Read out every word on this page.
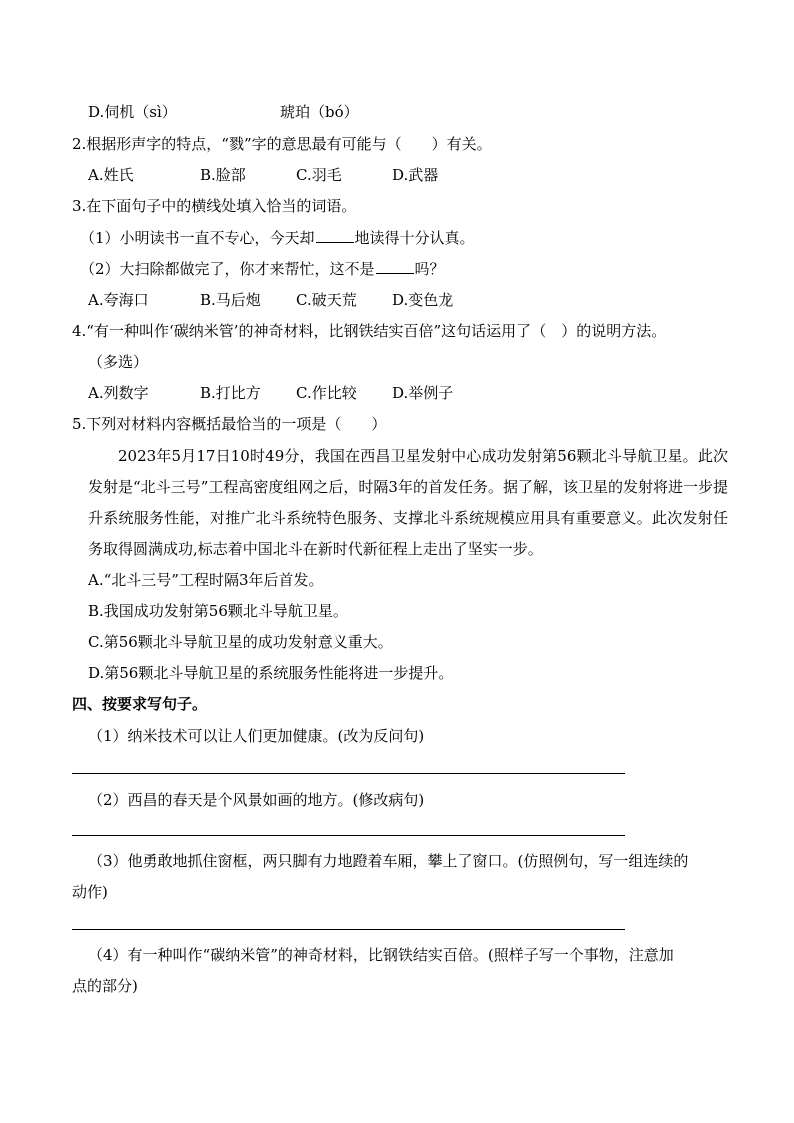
D.伺机（sì）	琥珀（bó）
2.根据形声字的特点，“戮”字的意思最有可能与（　　）有关。
A.姓氏	B.脸部	C.羽毛	D.武器
3.在下面句子中的横线处填入恰当的词语。
（1）小明读书一直不专心，今天却	地读得十分认真。
（2）大扫除都做完了，你才来帮忙，这不是	吗？
A.夸海口	B.马后炮 C.破天荒 D.变色龙
4.“有一种叫作‘碳纳米管’的神奇材料，比钢铁结实百倍”这句话运用了（　）的说明方法。
（多选）
A.列数字	B.打比方 C.作比较 D.举例子
5.下列对材料内容概括最恰当的一项是（　　）
2023年5月17日10时49分，我国在西昌卫星发射中心成功发射第56颗北斗导航卫星。此次发射是“北斗三号”工程高密度组网之后，时隔3年的首发任务。据了解，该卫星的发射将进一步提升系统服务性能，对推广北斗系统特色服务、支撑北斗系统规模应用具有重要意义。此次发射任务取得圆满成功,标志着中国北斗在新时代新征程上走出了坚实一步。
A.“北斗三号”工程时隔3年后首发。
B.我国成功发射第56颗北斗导航卫星。
C.第56颗北斗导航卫星的成功发射意义重大。
D.第56颗北斗导航卫星的系统服务性能将进一步提升。
四、按要求写句子。
（1）纳米技术可以让人们更加健康。(改为反问句)
（2）西昌的春天是个风景如画的地方。(修改病句)
（3）他勇敢地抓住窗框，两只脚有力地蹬着车厢，攀上了窗口。(仿照例句，写一组连续的
动作)
（4）有一种叫作“碳纳米管”的神奇材料，比钢铁结实百倍。(照样子写一个事物，注意加
点的部分)
